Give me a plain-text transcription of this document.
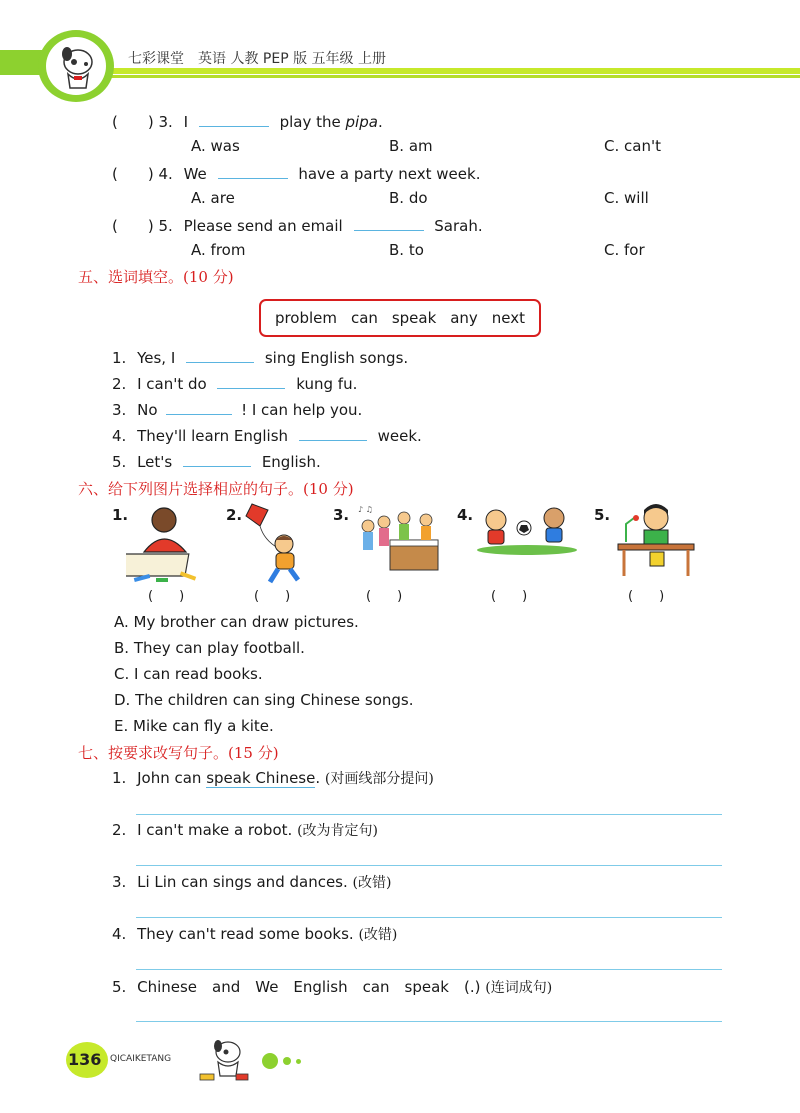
七彩课堂　英语 人教 PEP 版 五年级 上册
(　　) 3. I	play the pipa.
A. was	B. am	C. can't
(　　) 4. We	have a party next week.
A. are	B. do	C. will
(　　) 5. Please send an email	Sarah.
A. from	B. to	C. for
五、选词填空。(10 分)
problem can speak any next
1. Yes, I	sing English songs.
2. I can't do	kung fu.
3. No	! I can help you.
4. They'll learn English	week.
5. Let's	English.
六、给下列图片选择相应的句子。(10 分)
1.	2.	3.	4.	5.
♪ ♫
(　　)	(　　)	(　　)	(　　)	(　　)
A. My brother can draw pictures.
B. They can play football.
C. I can read books.
D. The children can sing Chinese songs.
E. Mike can fly a kite.
七、按要求改写句子。(15 分)
1. John can speak Chinese. (对画线部分提问)
2. I can't make a robot. (改为肯定句)
3. Li Lin can sings and dances. (改错)
4. They can't read some books. (改错)
5. Chinese　and　We　English　can　speak　(.) (连词成句)
136 QICAIKETANG
